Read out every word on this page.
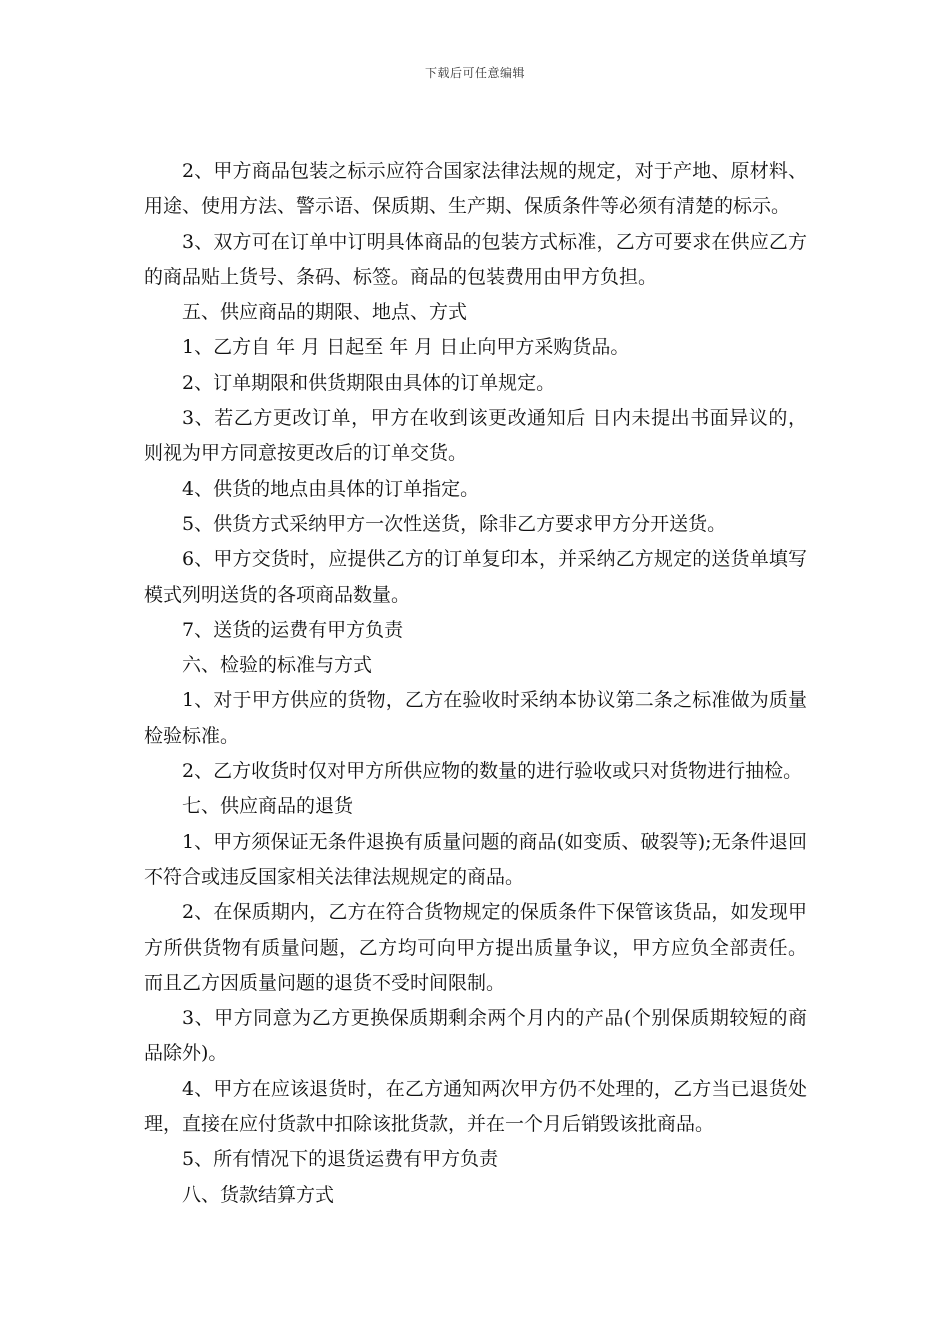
下载后可任意编辑

2、甲方商品包装之标示应符合国家法律法规的规定，对于产地、原材料、用途、使用方法、警示语、保质期、生产期、保质条件等必须有清楚的标示。

3、双方可在订单中订明具体商品的包装方式标准，乙方可要求在供应乙方的商品贴上货号、条码、标签。商品的包装费用由甲方负担。

五、供应商品的期限、地点、方式

1、乙方自 年 月 日起至 年 月 日止向甲方采购货品。

2、订单期限和供货期限由具体的订单规定。

3、若乙方更改订单，甲方在收到该更改通知后 日内未提出书面异议的，则视为甲方同意按更改后的订单交货。

4、供货的地点由具体的订单指定。

5、供货方式采纳甲方一次性送货，除非乙方要求甲方分开送货。

6、甲方交货时，应提供乙方的订单复印本，并采纳乙方规定的送货单填写模式列明送货的各项商品数量。

7、送货的运费有甲方负责

六、检验的标准与方式

1、对于甲方供应的货物，乙方在验收时采纳本协议第二条之标准做为质量检验标准。

2、乙方收货时仅对甲方所供应物的数量的进行验收或只对货物进行抽检。

七、供应商品的退货

1、甲方须保证无条件退换有质量问题的商品(如变质、破裂等);无条件退回不符合或违反国家相关法律法规规定的商品。

2、在保质期内，乙方在符合货物规定的保质条件下保管该货品，如发现甲方所供货物有质量问题，乙方均可向甲方提出质量争议，甲方应负全部责任。而且乙方因质量问题的退货不受时间限制。

3、甲方同意为乙方更换保质期剩余两个月内的产品(个别保质期较短的商品除外)。

4、甲方在应该退货时，在乙方通知两次甲方仍不处理的，乙方当已退货处理，直接在应付货款中扣除该批货款，并在一个月后销毁该批商品。

5、所有情况下的退货运费有甲方负责

八、货款结算方式
